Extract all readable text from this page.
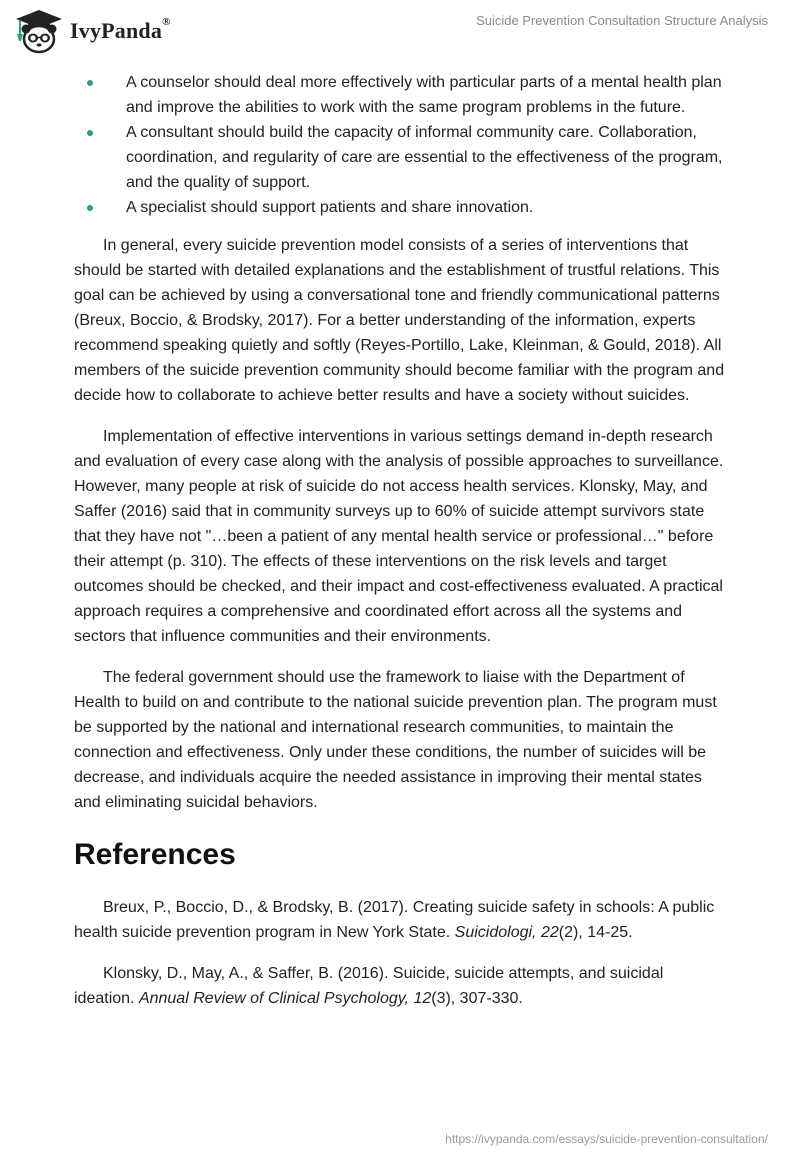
IvyPanda®	Suicide Prevention Consultation Structure Analysis
A counselor should deal more effectively with particular parts of a mental health plan and improve the abilities to work with the same program problems in the future.
A consultant should build the capacity of informal community care. Collaboration, coordination, and regularity of care are essential to the effectiveness of the program, and the quality of support.
A specialist should support patients and share innovation.

In general, every suicide prevention model consists of a series of interventions that should be started with detailed explanations and the establishment of trustful relations. This goal can be achieved by using a conversational tone and friendly communicational patterns (Breux, Boccio, & Brodsky, 2017). For a better understanding of the information, experts recommend speaking quietly and softly (Reyes-Portillo, Lake, Kleinman, & Gould, 2018). All members of the suicide prevention community should become familiar with the program and decide how to collaborate to achieve better results and have a society without suicides.

Implementation of effective interventions in various settings demand in-depth research and evaluation of every case along with the analysis of possible approaches to surveillance. However, many people at risk of suicide do not access health services. Klonsky, May, and Saffer (2016) said that in community surveys up to 60% of suicide attempt survivors state that they have not "…been a patient of any mental health service or professional…" before their attempt (p. 310). The effects of these interventions on the risk levels and target outcomes should be checked, and their impact and cost-effectiveness evaluated. A practical approach requires a comprehensive and coordinated effort across all the systems and sectors that influence communities and their environments.

The federal government should use the framework to liaise with the Department of Health to build on and contribute to the national suicide prevention plan. The program must be supported by the national and international research communities, to maintain the connection and effectiveness. Only under these conditions, the number of suicides will be decrease, and individuals acquire the needed assistance in improving their mental states and eliminating suicidal behaviors.

References

Breux, P., Boccio, D., & Brodsky, B. (2017). Creating suicide safety in schools: A public health suicide prevention program in New York State. Suicidologi, 22(2), 14-25.

Klonsky, D., May, A., & Saffer, B. (2016). Suicide, suicide attempts, and suicidal ideation. Annual Review of Clinical Psychology, 12(3), 307-330.

https://ivypanda.com/essays/suicide-prevention-consultation/
